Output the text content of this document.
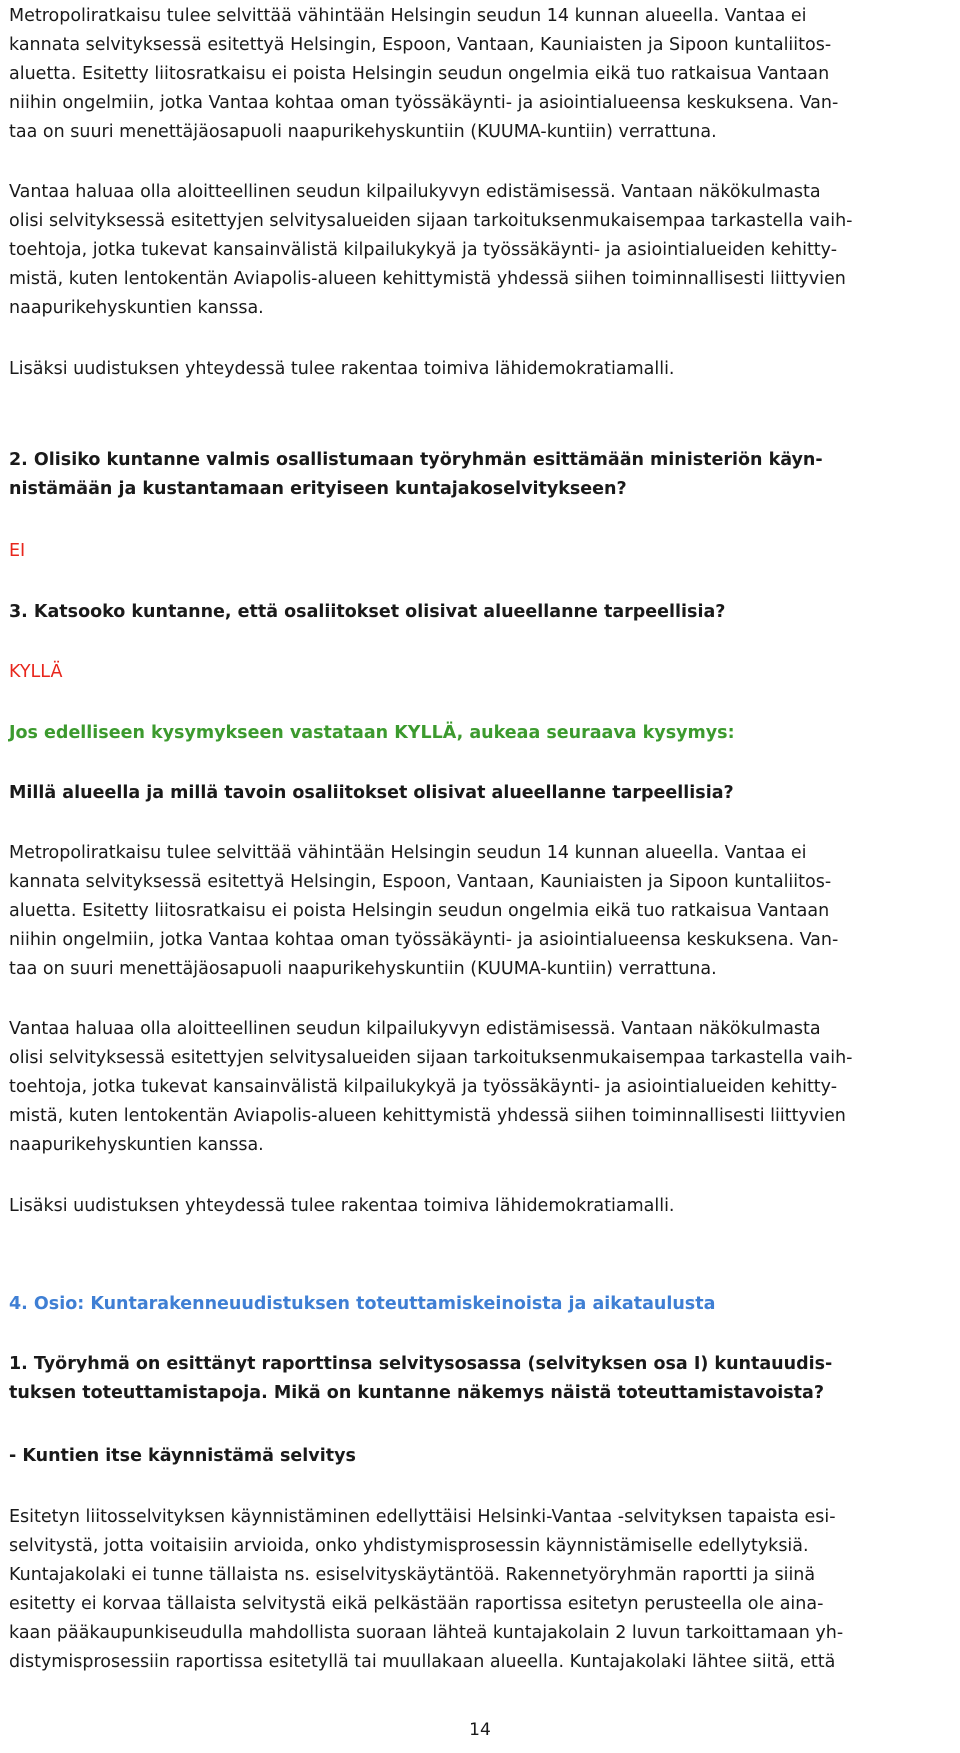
Metropoliratkaisu tulee selvittää vähintään Helsingin seudun 14 kunnan alueella. Vantaa ei
kannata selvityksessä esitettyä Helsingin, Espoon, Vantaan, Kauniaisten ja Sipoon kuntaliitos-
aluetta. Esitetty liitosratkaisu ei poista Helsingin seudun ongelmia eikä tuo ratkaisua Vantaan
niihin ongelmiin, jotka Vantaa kohtaa oman työssäkäynti- ja asiointialueensa keskuksena. Van-
taa on suuri menettäjäosapuoli naapurikehyskuntiin (KUUMA-kuntiin) verrattuna.

Vantaa haluaa olla aloitteellinen seudun kilpailukyvyn edistämisessä. Vantaan näkökulmasta
olisi selvityksessä esitettyjen selvitysalueiden sijaan tarkoituksenmukaisempaa tarkastella vaih-
toehtoja, jotka tukevat kansainvälistä kilpailukykyä ja työssäkäynti- ja asiointialueiden kehitty-
mistä, kuten lentokentän Aviapolis-alueen kehittymistä yhdessä siihen toiminnallisesti liittyvien
naapurikehyskuntien kanssa.

Lisäksi uudistuksen yhteydessä tulee rakentaa toimiva lähidemokratiamalli.

2. Olisiko kuntanne valmis osallistumaan työryhmän esittämään ministeriön käyn-
nistämään ja kustantamaan erityiseen kuntajakoselvitykseen?

EI

3. Katsooko kuntanne, että osaliitokset olisivat alueellanne tarpeellisia?

KYLLÄ

Jos edelliseen kysymykseen vastataan KYLLÄ, aukeaa seuraava kysymys:

Millä alueella ja millä tavoin osaliitokset olisivat alueellanne tarpeellisia?

Metropoliratkaisu tulee selvittää vähintään Helsingin seudun 14 kunnan alueella. Vantaa ei
kannata selvityksessä esitettyä Helsingin, Espoon, Vantaan, Kauniaisten ja Sipoon kuntaliitos-
aluetta. Esitetty liitosratkaisu ei poista Helsingin seudun ongelmia eikä tuo ratkaisua Vantaan
niihin ongelmiin, jotka Vantaa kohtaa oman työssäkäynti- ja asiointialueensa keskuksena. Van-
taa on suuri menettäjäosapuoli naapurikehyskuntiin (KUUMA-kuntiin) verrattuna.

Vantaa haluaa olla aloitteellinen seudun kilpailukyvyn edistämisessä. Vantaan näkökulmasta
olisi selvityksessä esitettyjen selvitysalueiden sijaan tarkoituksenmukaisempaa tarkastella vaih-
toehtoja, jotka tukevat kansainvälistä kilpailukykyä ja työssäkäynti- ja asiointialueiden kehitty-
mistä, kuten lentokentän Aviapolis-alueen kehittymistä yhdessä siihen toiminnallisesti liittyvien
naapurikehyskuntien kanssa.

Lisäksi uudistuksen yhteydessä tulee rakentaa toimiva lähidemokratiamalli.

4. Osio: Kuntarakenneuudistuksen toteuttamiskeinoista ja aikataulusta

1. Työryhmä on esittänyt raporttinsa selvitysosassa (selvityksen osa I) kuntauudis-
tuksen toteuttamistapoja. Mikä on kuntanne näkemys näistä toteuttamistavoista?

- Kuntien itse käynnistämä selvitys

Esitetyn liitosselvityksen käynnistäminen edellyttäisi Helsinki-Vantaa -selvityksen tapaista esi-
selvitystä, jotta voitaisiin arvioida, onko yhdistymisprosessin käynnistämiselle edellytyksiä.
Kuntajakolaki ei tunne tällaista ns. esiselvityskäytäntöä. Rakennetyöryhmän raportti ja siinä
esitetty ei korvaa tällaista selvitystä eikä pelkästään raportissa esitetyn perusteella ole aina-
kaan pääkaupunkiseudulla mahdollista suoraan lähteä kuntajakolain 2 luvun tarkoittamaan yh-
distymisprosessiin raportissa esitetyllä tai muullakaan alueella. Kuntajakolaki lähtee siitä, että

14
